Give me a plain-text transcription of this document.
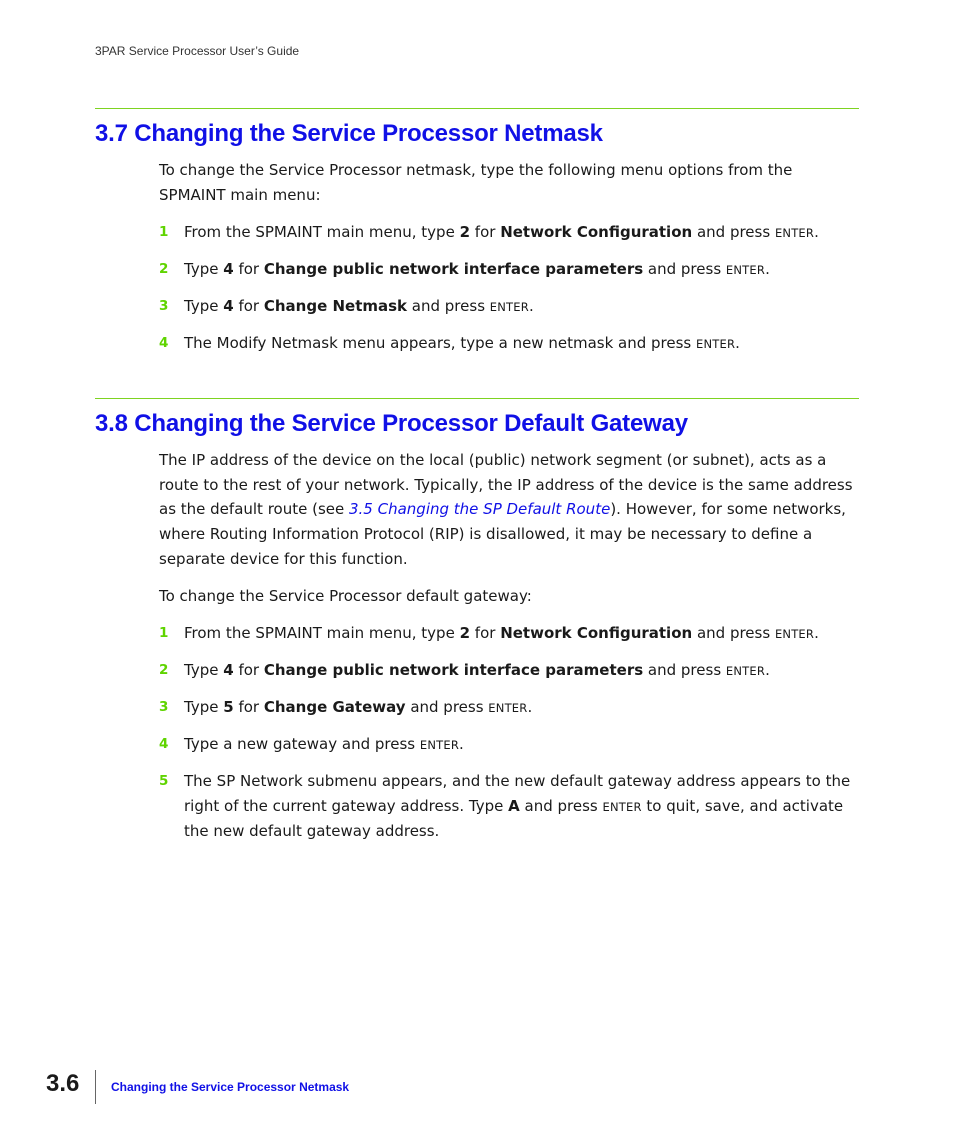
3PAR Service Processor User’s Guide
3.7 Changing the Service Processor Netmask

To change the Service Processor netmask, type the following menu options from the SPMAINT main menu:

1 From the SPMAINT main menu, type 2 for Network Configuration and press ENTER.
2 Type 4 for Change public network interface parameters and press ENTER.
3 Type 4 for Change Netmask and press ENTER.
4 The Modify Netmask menu appears, type a new netmask and press ENTER.
3.8 Changing the Service Processor Default Gateway

The IP address of the device on the local (public) network segment (or subnet), acts as a route to the rest of your network. Typically, the IP address of the device is the same address as the default route (see 3.5 Changing the SP Default Route). However, for some networks, where Routing Information Protocol (RIP) is disallowed, it may be necessary to define a separate device for this function.

To change the Service Processor default gateway:

1 From the SPMAINT main menu, type 2 for Network Configuration and press ENTER.
2 Type 4 for Change public network interface parameters and press ENTER.
3 Type 5 for Change Gateway and press ENTER.
4 Type a new gateway and press ENTER.
5 The SP Network submenu appears, and the new default gateway address appears to the right of the current gateway address. Type A and press ENTER to quit, save, and activate the new default gateway address.
3.6	Changing the Service Processor Netmask
